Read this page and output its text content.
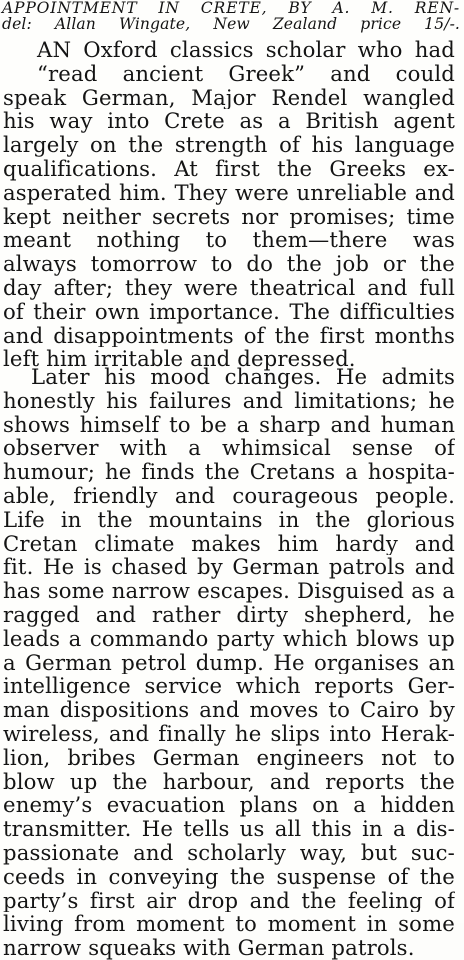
APPOINTMENT IN CRETE, BY A. M. REN-
del: Allan Wingate, New Zealand price 15/-.
AN Oxford classics scholar who had
“read ancient Greek” and could
speak German, Major Rendel wangled
his way into Crete as a British agent
largely on the strength of his language
qualifications. At first the Greeks ex-
asperated him. They were unreliable and
kept neither secrets nor promises; time
meant nothing to them—there was
always tomorrow to do the job or the
day after; they were theatrical and full
of their own importance. The difficulties
and disappointments of the first months
left him irritable and depressed.
Later his mood changes. He admits
honestly his failures and limitations; he
shows himself to be a sharp and human
observer with a whimsical sense of
humour; he finds the Cretans a hospita-
able, friendly and courageous people.
Life in the mountains in the glorious
Cretan climate makes him hardy and
fit. He is chased by German patrols and
has some narrow escapes. Disguised as a
ragged and rather dirty shepherd, he
leads a commando party which blows up
a German petrol dump. He organises an
intelligence service which reports Ger-
man dispositions and moves to Cairo by
wireless, and finally he slips into Herak-
lion, bribes German engineers not to
blow up the harbour, and reports the
enemy’s evacuation plans on a hidden
transmitter. He tells us all this in a dis-
passionate and scholarly way, but suc-
ceeds in conveying the suspense of the
party’s first air drop and the feeling of
living from moment to moment in some
narrow squeaks with German patrols.
